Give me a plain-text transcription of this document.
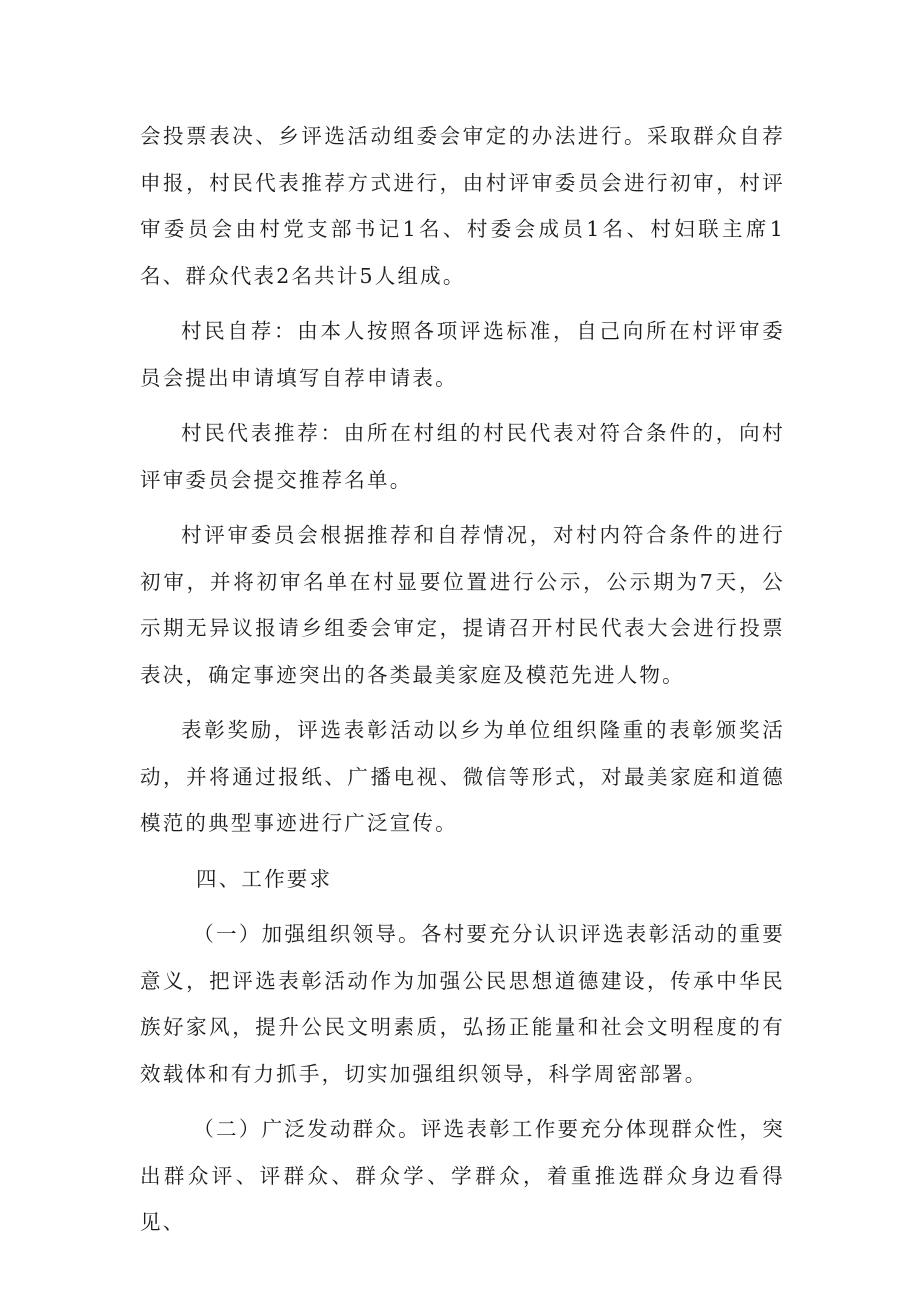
会投票表决、乡评选活动组委会审定的办法进行。采取群众自荐申报，村民代表推荐方式进行，由村评审委员会进行初审，村评审委员会由村党支部书记1名、村委会成员1名、村妇联主席1名、群众代表2名共计5人组成。

村民自荐：由本人按照各项评选标准，自己向所在村评审委员会提出申请填写自荐申请表。

村民代表推荐：由所在村组的村民代表对符合条件的，向村评审委员会提交推荐名单。

村评审委员会根据推荐和自荐情况，对村内符合条件的进行初审，并将初审名单在村显要位置进行公示，公示期为7天，公示期无异议报请乡组委会审定，提请召开村民代表大会进行投票表决，确定事迹突出的各类最美家庭及模范先进人物。

表彰奖励，评选表彰活动以乡为单位组织隆重的表彰颁奖活动，并将通过报纸、广播电视、微信等形式，对最美家庭和道德模范的典型事迹进行广泛宣传。

四、工作要求

（一）加强组织领导。各村要充分认识评选表彰活动的重要意义，把评选表彰活动作为加强公民思想道德建设，传承中华民族好家风，提升公民文明素质，弘扬正能量和社会文明程度的有效载体和有力抓手，切实加强组织领导，科学周密部署。

（二）广泛发动群众。评选表彰工作要充分体现群众性，突出群众评、评群众、群众学、学群众，着重推选群众身边看得见、
